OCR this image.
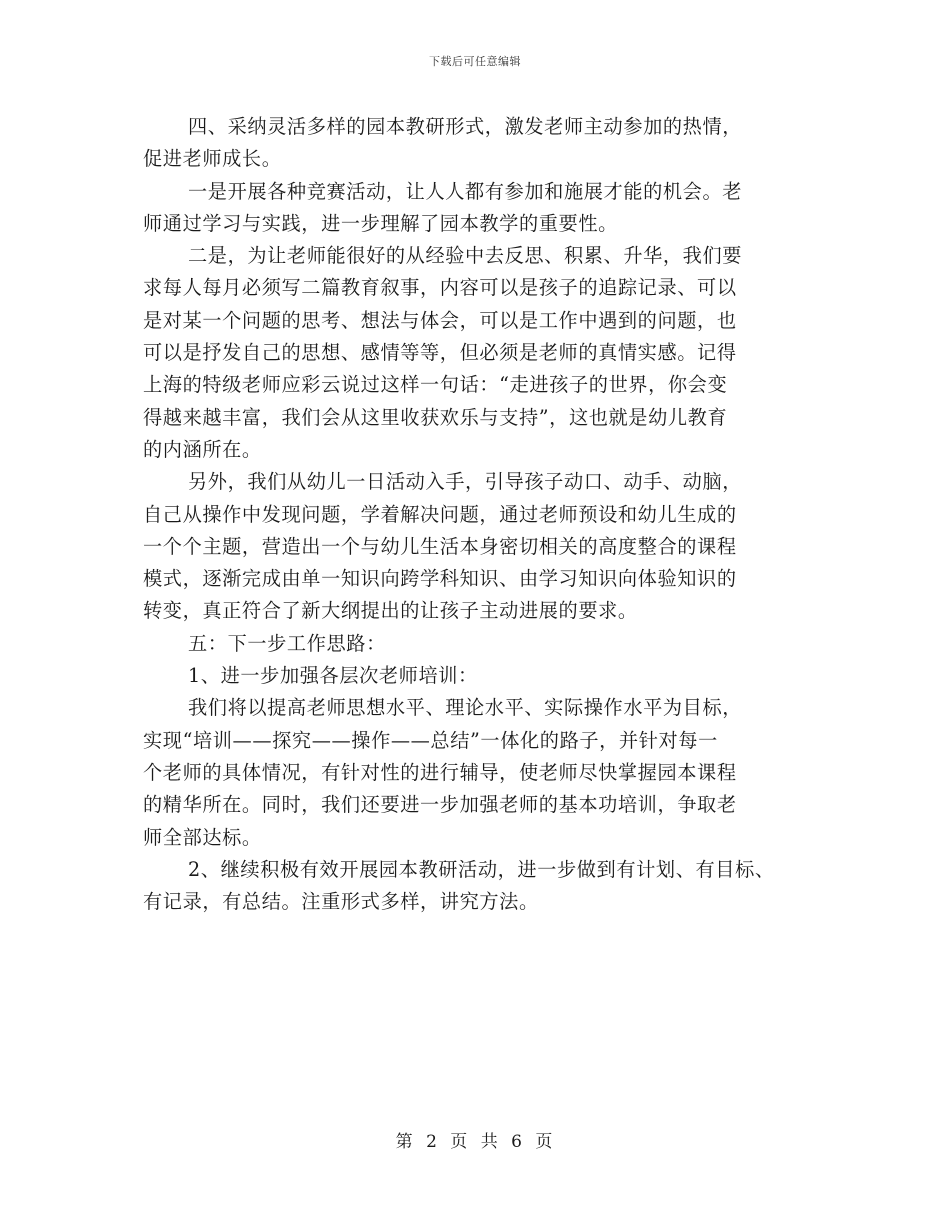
下载后可任意编辑
四、采纳灵活多样的园本教研形式，激发老师主动参加的热情，
促进老师成长。
一是开展各种竞赛活动，让人人都有参加和施展才能的机会。老
师通过学习与实践，进一步理解了园本教学的重要性。
二是，为让老师能很好的从经验中去反思、积累、升华，我们要
求每人每月必须写二篇教育叙事，内容可以是孩子的追踪记录、可以
是对某一个问题的思考、想法与体会，可以是工作中遇到的问题，也
可以是抒发自己的思想、感情等等，但必须是老师的真情实感。记得
上海的特级老师应彩云说过这样一句话：“走进孩子的世界，你会变
得越来越丰富，我们会从这里收获欢乐与支持”，这也就是幼儿教育
的内涵所在。
另外，我们从幼儿一日活动入手，引导孩子动口、动手、动脑，
自己从操作中发现问题，学着解决问题，通过老师预设和幼儿生成的
一个个主题，营造出一个与幼儿生活本身密切相关的高度整合的课程
模式，逐渐完成由单一知识向跨学科知识、由学习知识向体验知识的
转变，真正符合了新大纲提出的让孩子主动进展的要求。
五：下一步工作思路：
1、进一步加强各层次老师培训：
我们将以提高老师思想水平、理论水平、实际操作水平为目标，
实现“培训——探究——操作——总结”一体化的路子，并针对每一
个老师的具体情况，有针对性的进行辅导，使老师尽快掌握园本课程
的精华所在。同时，我们还要进一步加强老师的基本功培训，争取老
师全部达标。
2、继续积极有效开展园本教研活动，进一步做到有计划、有目标、
有记录，有总结。注重形式多样，讲究方法。
第 2 页 共 6 页
